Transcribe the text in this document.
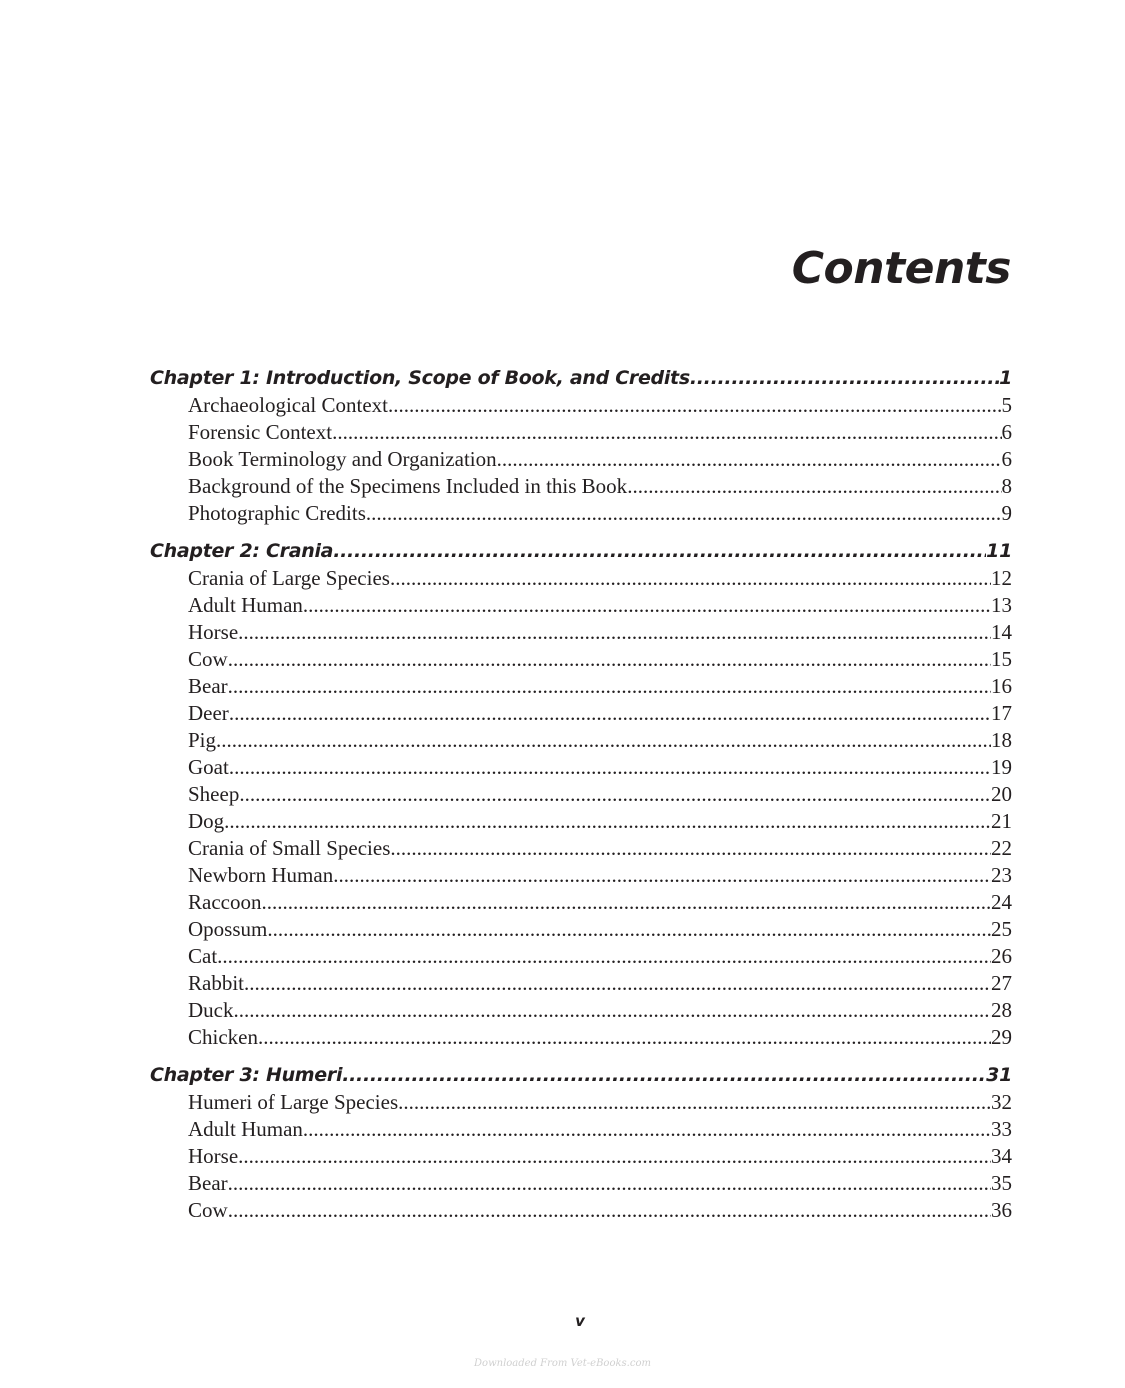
Contents
Chapter 1: Introduction, Scope of Book, and Credits .....	1
Archaeological Context .....	5
Forensic Context .....	6
Book Terminology and Organization .....	6
Background of the Specimens Included in this Book .....	8
Photographic Credits .....	9
Chapter 2: Crania .....	11
Crania of Large Species .....	12
Adult Human .....	13
Horse .....	14
Cow .....	15
Bear .....	16
Deer .....	17
Pig .....	18
Goat .....	19
Sheep .....	20
Dog .....	21
Crania of Small Species .....	22
Newborn Human .....	23
Raccoon .....	24
Opossum .....	25
Cat .....	26
Rabbit .....	27
Duck .....	28
Chicken .....	29
Chapter 3: Humeri .....	31
Humeri of Large Species .....	32
Adult Human .....	33
Horse .....	34
Bear .....	35
Cow .....	36
v
Downloaded From Vet-eBooks.com
